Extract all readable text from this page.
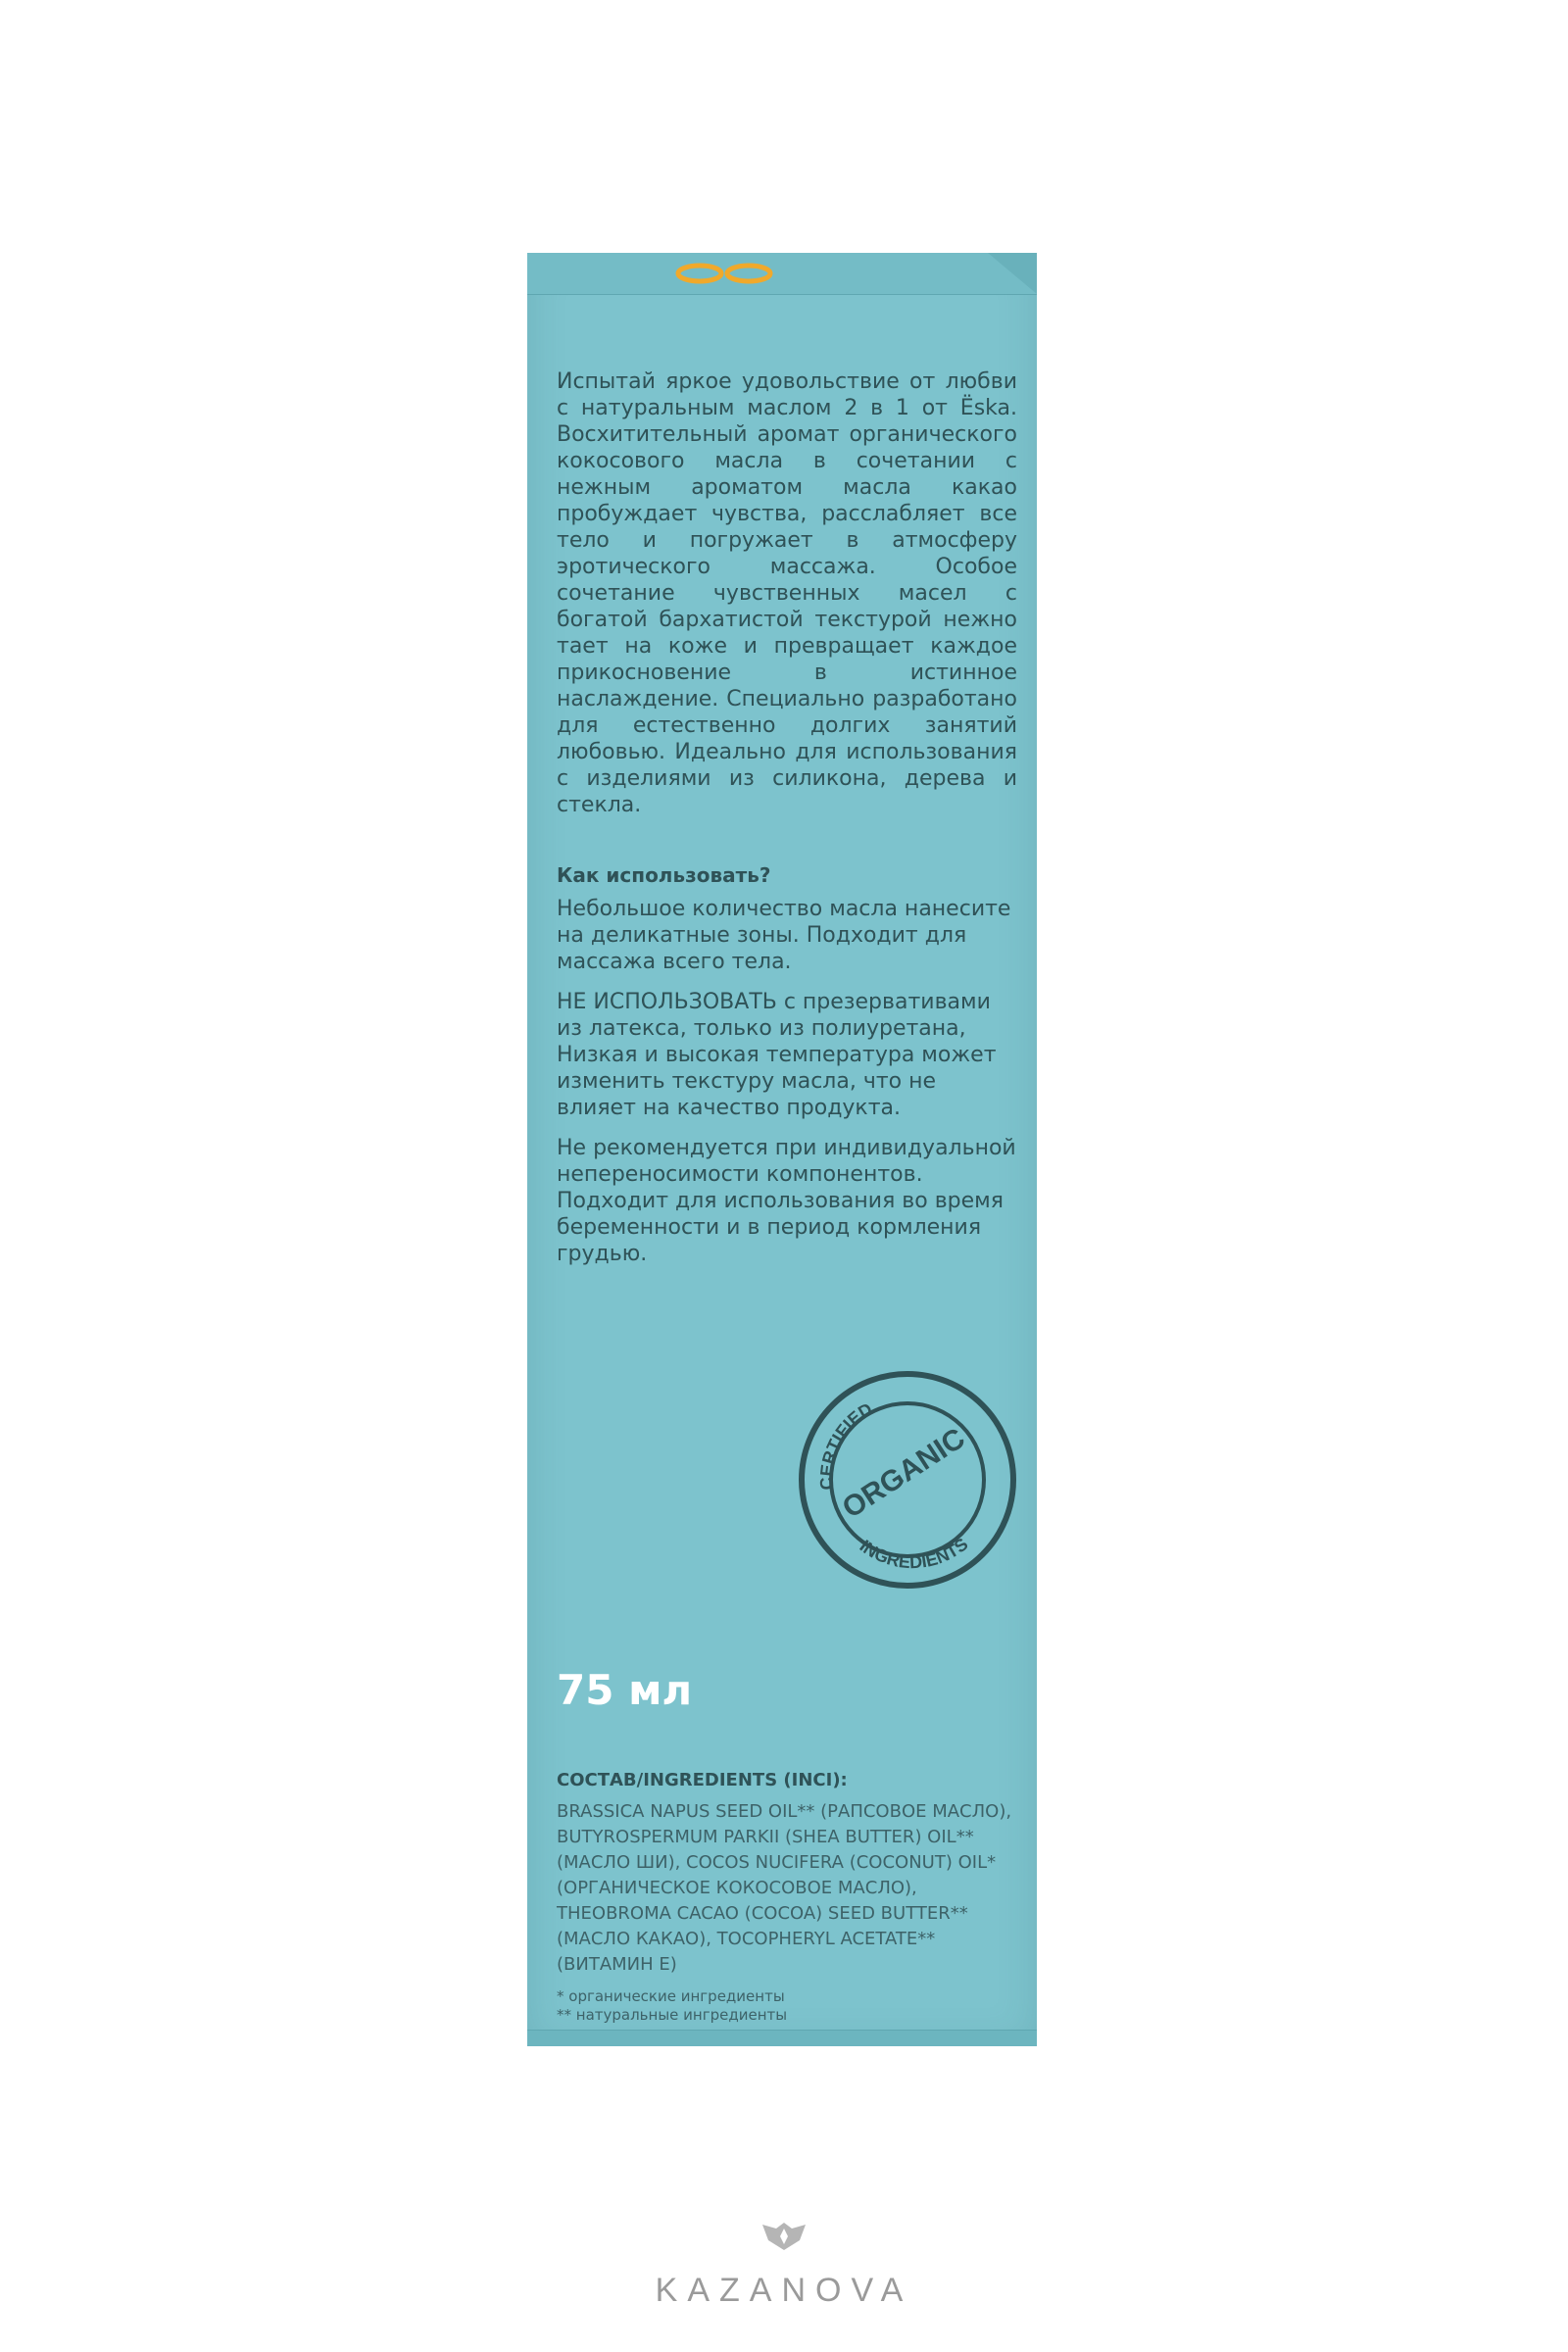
Испытай яркое удовольствие от любви с натуральным маслом 2 в 1 от Ёska. Восхитительный аромат органического кокосового масла в сочетании с нежным ароматом масла какао пробуждает чувства, расслабляет все тело и погружает в атмосферу эротического массажа. Особое сочетание чувственных масел с богатой бархатистой текстурой нежно тает на коже и превращает каждое прикосновение в истинное наслаждение. Специально разработано для естественно долгих занятий любовью. Идеально для использования с изделиями из силикона, дерева и стекла.
Как использовать?

Небольшое количество масла нанесите на деликатные зоны. Подходит для массажа всего тела.

НЕ ИСПОЛЬЗОВАТЬ с презервативами из латекса, только из полиуретана, Низкая и высокая температура может изменить текстуру масла, что не влияет на качество продукта.

Не рекомендуется при индивидуальной непереносимости компонентов. Подходит для использования во время беременности и в период кормления грудью.

CERTIFIED
ORGANIC
INGREDIENTS
75 мл
СОСТАВ/INGREDIENTS (INCI):
BRASSICA NAPUS SEED OIL** (РАПСОВОЕ МАСЛО), BUTYROSPERMUM PARKII (SHEA BUTTER) OIL**(МАСЛО ШИ), COCOS NUCIFERA (COCONUT) OIL* (ОРГАНИЧЕСКОЕ КОКОСОВОЕ МАСЛО), THEOBROMA CACAO (COCOA) SEED BUTTER**(МАСЛО КАКАО), TOCOPHERYL ACETATE** (ВИТАМИН Е)
* органические ингредиенты
** натуральные ингредиенты
KAZANOVA
